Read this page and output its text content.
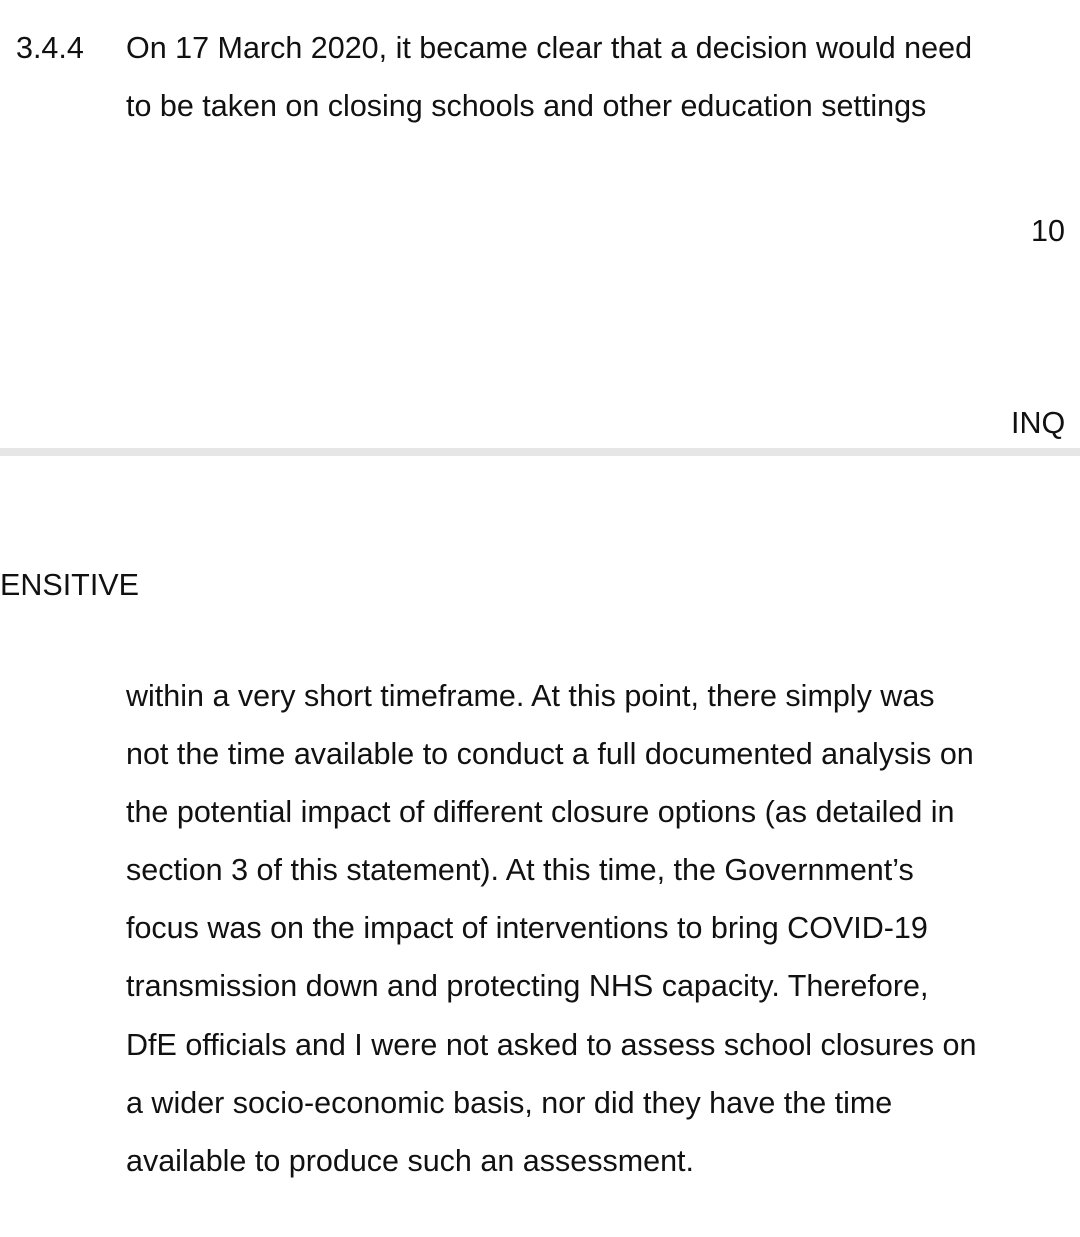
3.4.4 On 17 March 2020, it became clear that a decision would need
to be taken on closing schools and other education settings
10
INQ
ENSITIVE
within a very short timeframe. At this point, there simply was
not the time available to conduct a full documented analysis on
the potential impact of different closure options (as detailed in
section 3 of this statement). At this time, the Government’s
focus was on the impact of interventions to bring COVID-19
transmission down and protecting NHS capacity. Therefore,
DfE officials and I were not asked to assess school closures on
a wider socio-economic basis, nor did they have the time
available to produce such an assessment.
